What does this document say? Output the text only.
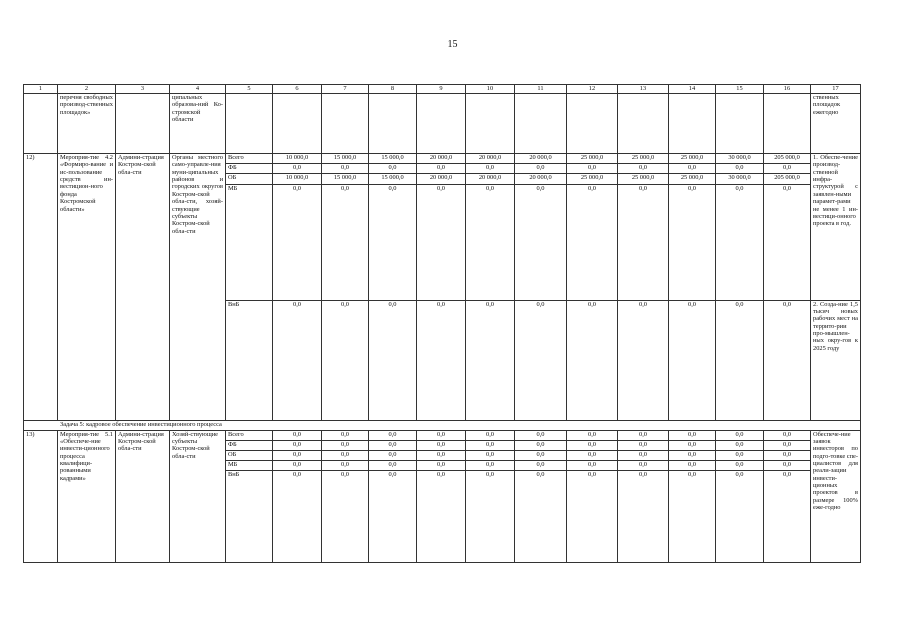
15
1	2	3	4	5	6	7	8	9	10	11	12	13	14	15	16	17
	перечня свободных производ-ственных площадок»		ципальных образова-ний Ко-стромской области													ственных площадок ежегодно
12)	Мероприя-тие 4.2 «Формиро-вание и ис-пользование средств ин-вестицион-ного фонда Костромской области»	Админи-страция Костром-ской обла-сти	Органы местного само-управле-ния муни-ципальных районов и городских округов Костром-ской обла-сти, хозяй-ствующие субъекты Костром-ской обла-сти	Всего	10 000,0	15 000,0	15 000,0	20 000,0	20 000,0	20 000,0	25 000,0	25 000,0	25 000,0	30 000,0	205 000,0	1. Обеспе-чение производ-ственной инфра-структурой с заявлен-ными парамет-рами не менее 1 ин-вестици-онного проекта в год.
				ФБ	0,0	0,0	0,0	0,0	0,0	0,0	0,0	0,0	0,0	0,0	0,0	
				ОБ	10 000,0	15 000,0	15 000,0	20 000,0	20 000,0	20 000,0	25 000,0	25 000,0	25 000,0	30 000,0	205 000,0	
				МБ	0,0	0,0	0,0	0,0	0,0	0,0	0,0	0,0	0,0	0,0	0,0	
				ВнБ	0,0	0,0	0,0	0,0	0,0	0,0	0,0	0,0	0,0	0,0	0,0	2. Созда-ние 1,5 тысяч новых рабочих мест на террито-рии про-мышлен-ных окру-гов к 2025 году
Задача 5: кадровое обеспечение инвестиционного процесса																
13)	Мероприя-тие 5.1 «Обеспече-ние инвести-ционного процесса квалифици-рованными кадрами»	Админи-страция Костром-ской обла-сти	Хозяй-ствующие субъекты Костром-ской обла-сти	Всего	0,0	0,0	0,0	0,0	0,0	0,0	0,0	0,0	0,0	0,0	0,0	Обеспече-ние заявок инвесторов по подго-товке спе-циалистов для реали-зации инвести-ционных проектов в размере 100% еже-годно
				ФБ	0,0	0,0	0,0	0,0	0,0	0,0	0,0	0,0	0,0	0,0	0,0	
				ОБ	0,0	0,0	0,0	0,0	0,0	0,0	0,0	0,0	0,0	0,0	0,0	
				МБ	0,0	0,0	0,0	0,0	0,0	0,0	0,0	0,0	0,0	0,0	0,0	
				ВнБ	0,0	0,0	0,0	0,0	0,0	0,0	0,0	0,0	0,0	0,0	0,0	
